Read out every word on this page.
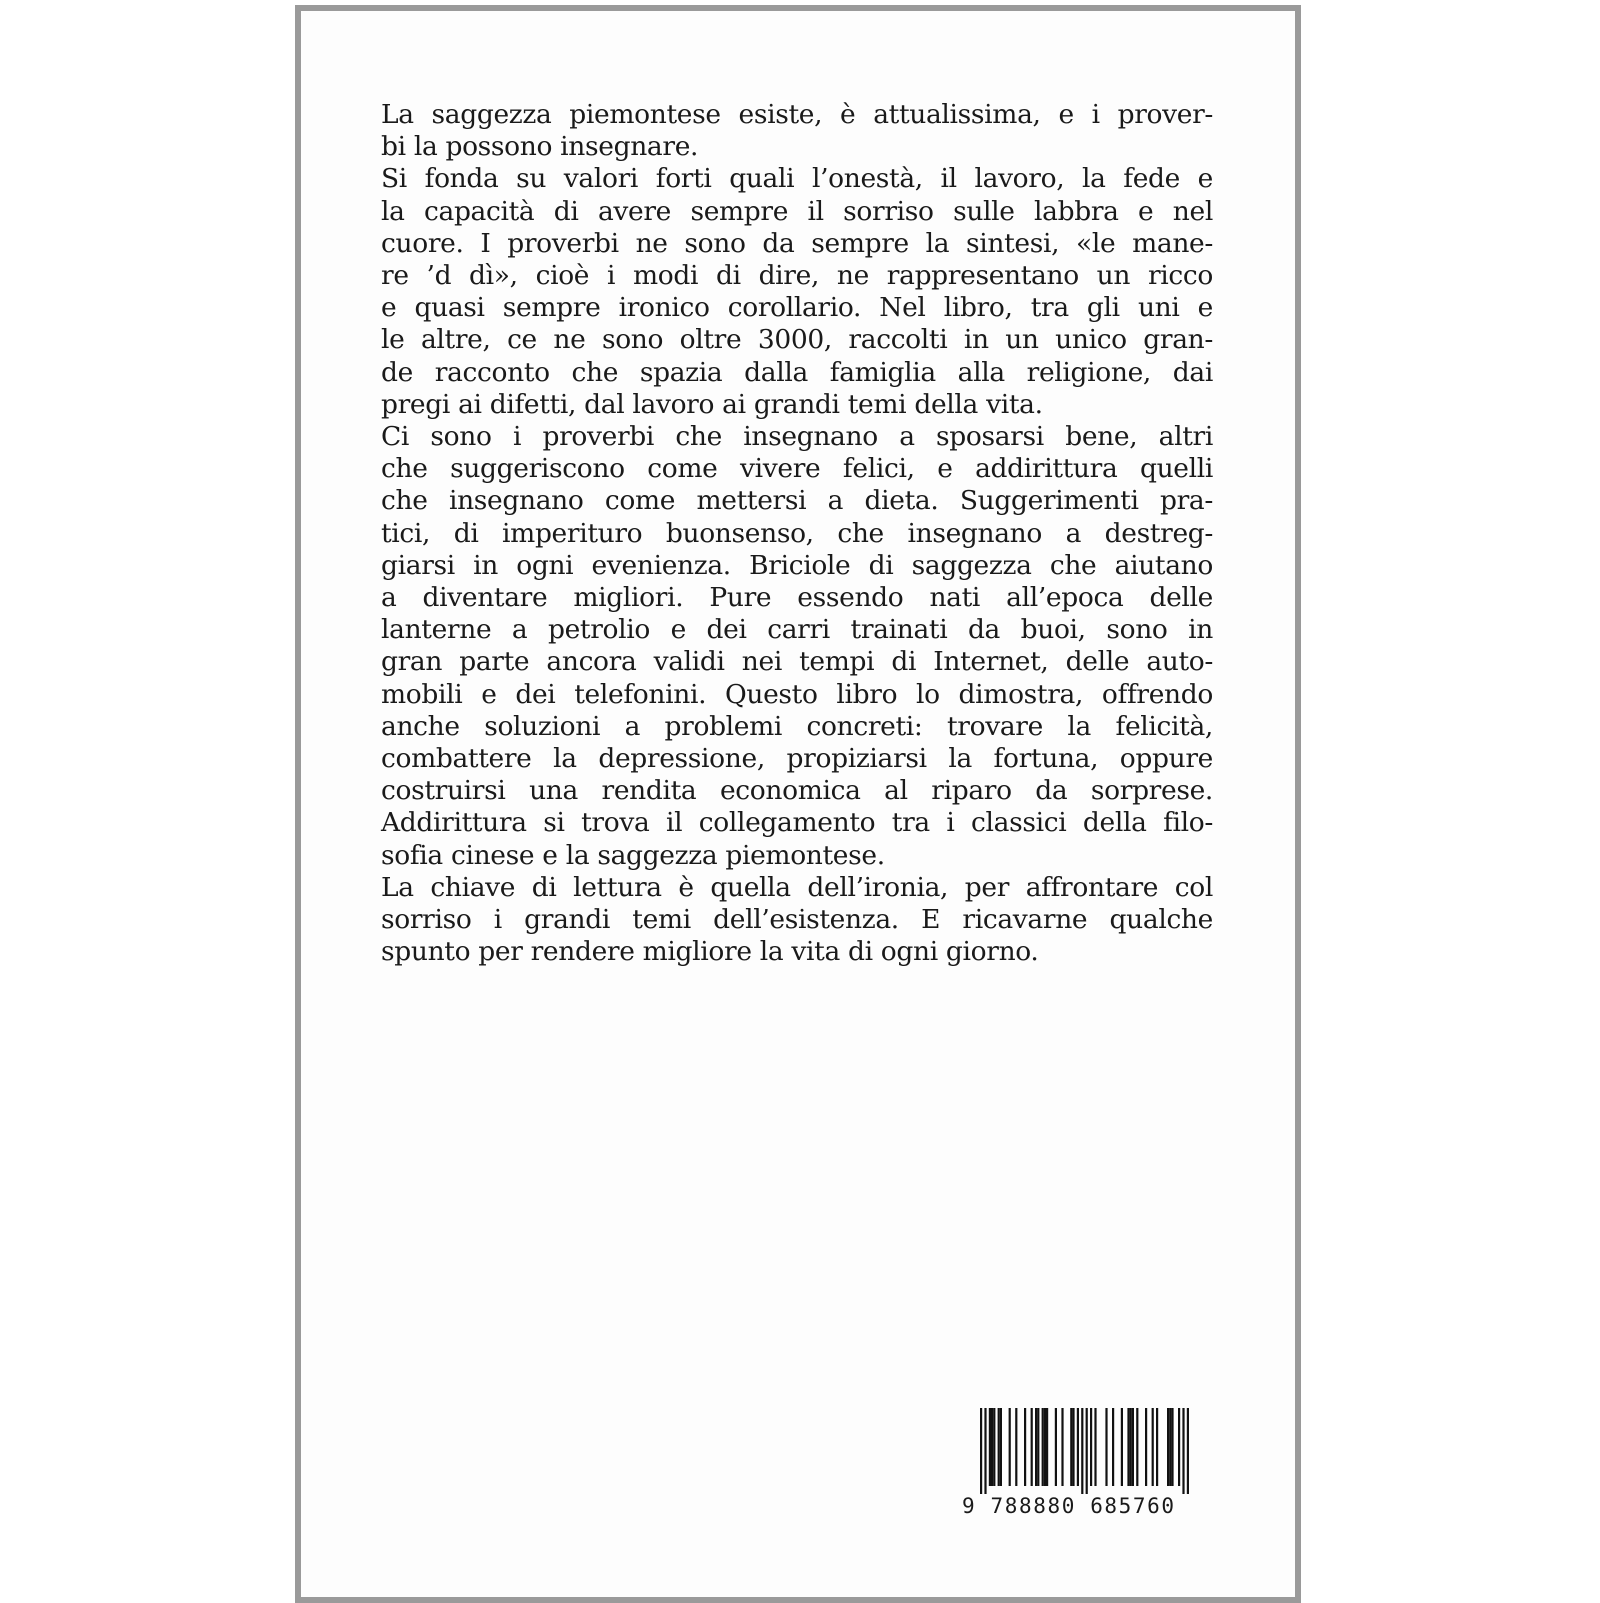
La saggezza piemontese esiste, è attualissima, e i prover-
bi la possono insegnare.
Si fonda su valori forti quali l’onestà, il lavoro, la fede e
la capacità di avere sempre il sorriso sulle labbra e nel
cuore. I proverbi ne sono da sempre la sintesi, «le mane-
re ’d dì», cioè i modi di dire, ne rappresentano un ricco
e quasi sempre ironico corollario. Nel libro, tra gli uni e
le altre, ce ne sono oltre 3000, raccolti in un unico gran-
de racconto che spazia dalla famiglia alla religione, dai
pregi ai difetti, dal lavoro ai grandi temi della vita.
Ci sono i proverbi che insegnano a sposarsi bene, altri
che suggeriscono come vivere felici, e addirittura quelli
che insegnano come mettersi a dieta. Suggerimenti pra-
tici, di imperituro buonsenso, che insegnano a destreg-
giarsi in ogni evenienza. Briciole di saggezza che aiutano
a diventare migliori. Pure essendo nati all’epoca delle
lanterne a petrolio e dei carri trainati da buoi, sono in
gran parte ancora validi nei tempi di Internet, delle auto-
mobili e dei telefonini. Questo libro lo dimostra, offrendo
anche soluzioni a problemi concreti: trovare la felicità,
combattere la depressione, propiziarsi la fortuna, oppure
costruirsi una rendita economica al riparo da sorprese.
Addirittura si trova il collegamento tra i classici della filo-
sofia cinese e la saggezza piemontese.
La chiave di lettura è quella dell’ironia, per affrontare col
sorriso i grandi temi dell’esistenza. E ricavarne qualche
spunto per rendere migliore la vita di ogni giorno.

9 788880 685760
